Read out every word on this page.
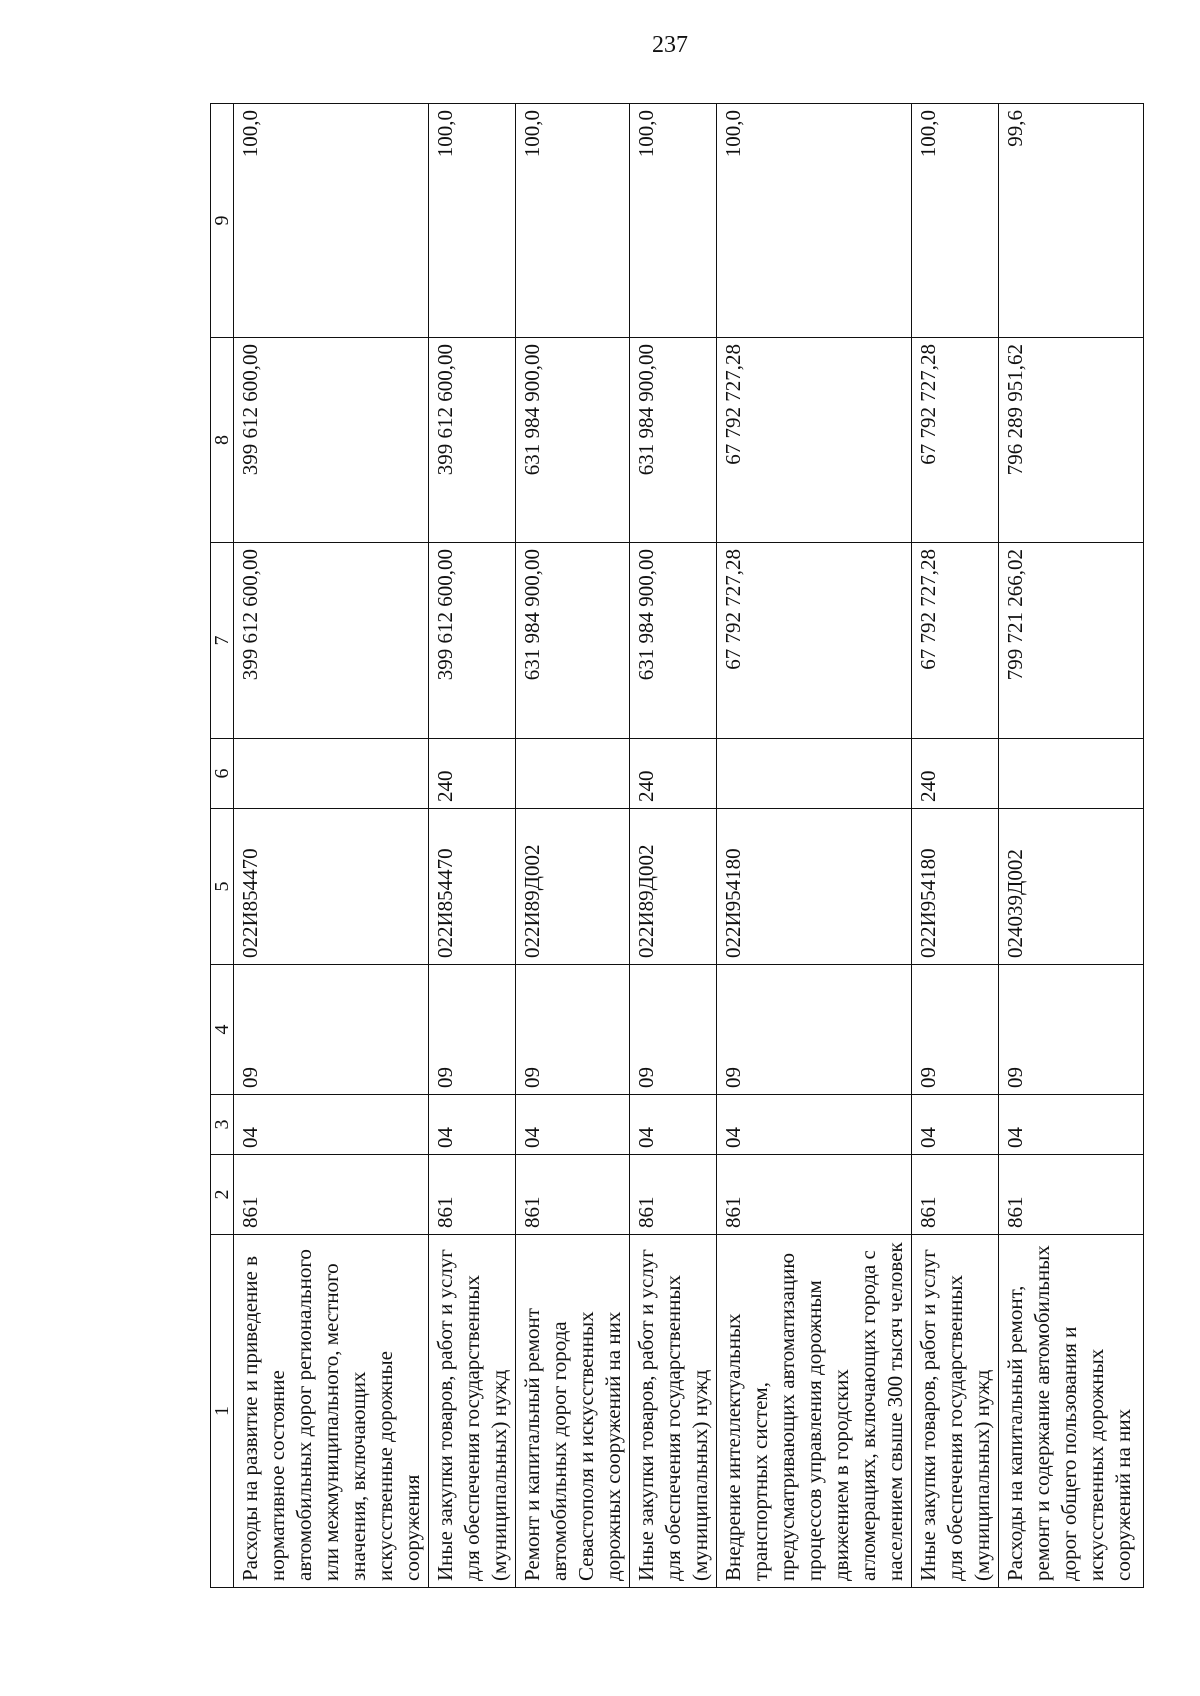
237
1	2	3	4	5	6	7	8	9
Расходы на развитие и приведение в нормативное состояние автомобильных дорог регионального или межмуниципального, местного значения, включающих искусственные дорожные сооружения	861	04	09	022И854470		399 612 600,00	399 612 600,00	100,0
Иные закупки товаров, работ и услуг для обеспечения государственных (муниципальных) нужд	861	04	09	022И854470	240	399 612 600,00	399 612 600,00	100,0
Ремонт и капитальный ремонт автомобильных дорог города Севастополя и искусственных дорожных сооружений на них	861	04	09	022И89Д002		631 984 900,00	631 984 900,00	100,0
Иные закупки товаров, работ и услуг для обеспечения государственных (муниципальных) нужд	861	04	09	022И89Д002	240	631 984 900,00	631 984 900,00	100,0
Внедрение интеллектуальных транспортных систем, предусматривающих автоматизацию процессов управления дорожным движением в городских агломерациях, включающих города с населением свыше 300 тысяч человек	861	04	09	022И954180		67 792 727,28	67 792 727,28	100,0
Иные закупки товаров, работ и услуг для обеспечения государственных (муниципальных) нужд	861	04	09	022И954180	240	67 792 727,28	67 792 727,28	100,0
Расходы на капитальный ремонт, ремонт и содержание автомобильных дорог общего пользования и искусственных дорожных сооружений на них	861	04	09	024039Д002		799 721 266,02	796 289 951,62	99,6
